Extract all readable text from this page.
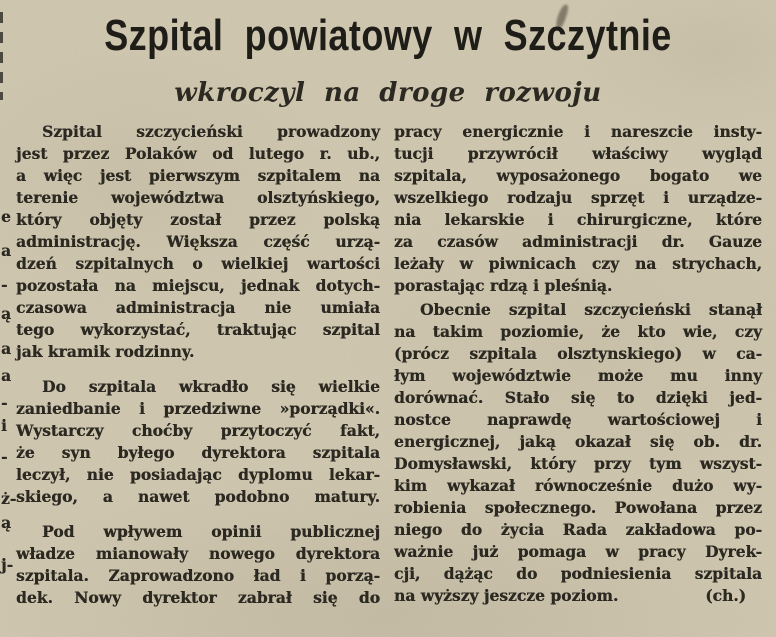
Szpital powiatowy w Szczytnie
wkroczyl na droge rozwoju
Szpital szczycieński prowadzony
jest przez Polaków od lutego r. ub.,
a więc jest pierwszym szpitalem na
terenie województwa olsztyńskiego,
który objęty został przez polską
administrację. Większa część urzą-
dzeń szpitalnych o wielkiej wartości
pozostała na miejscu, jednak dotych-
czasowa administracja nie umiała
tego wykorzystać, traktując szpital
jak kramik rodzinny.
Do szpitala wkradło się wielkie
zaniedbanie i przedziwne »porządki«.
Wystarczy choćby przytoczyć fakt,
że syn byłego dyrektora szpitala
leczył, nie posiadając dyplomu lekar-
skiego, a nawet podobno matury.
Pod wpływem opinii publicznej
władze mianowały nowego dyrektora
szpitala. Zaprowadzono ład i porzą-
dek. Nowy dyrektor zabrał się do
pracy energicznie i nareszcie insty-
tucji przywrócił właściwy wygląd
szpitala, wyposażonego bogato we
wszelkiego rodzaju sprzęt i urządze-
nia lekarskie i chirurgiczne, które
za czasów administracji dr. Gauze
leżały w piwnicach czy na strychach,
porastając rdzą i pleśnią.
Obecnie szpital szczycieński stanął
na takim poziomie, że kto wie, czy
(prócz szpitala olsztynskiego) w ca-
łym województwie może mu inny
dorównać. Stało się to dzięki jed-
nostce naprawdę wartościowej i
energicznej, jaką okazał się ob. dr.
Domysławski, który przy tym wszyst-
kim wykazał równocześnie dużo wy-
robienia społecznego. Powołana przez
niego do życia Rada zakładowa po-
ważnie już pomaga w pracy Dyrek-
cji, dążąc do podniesienia szpitala
na wyższy jeszcze poziom.	(ch.)
e
a
-
ą
a
a
-
i
-
ż-
ą
j-
